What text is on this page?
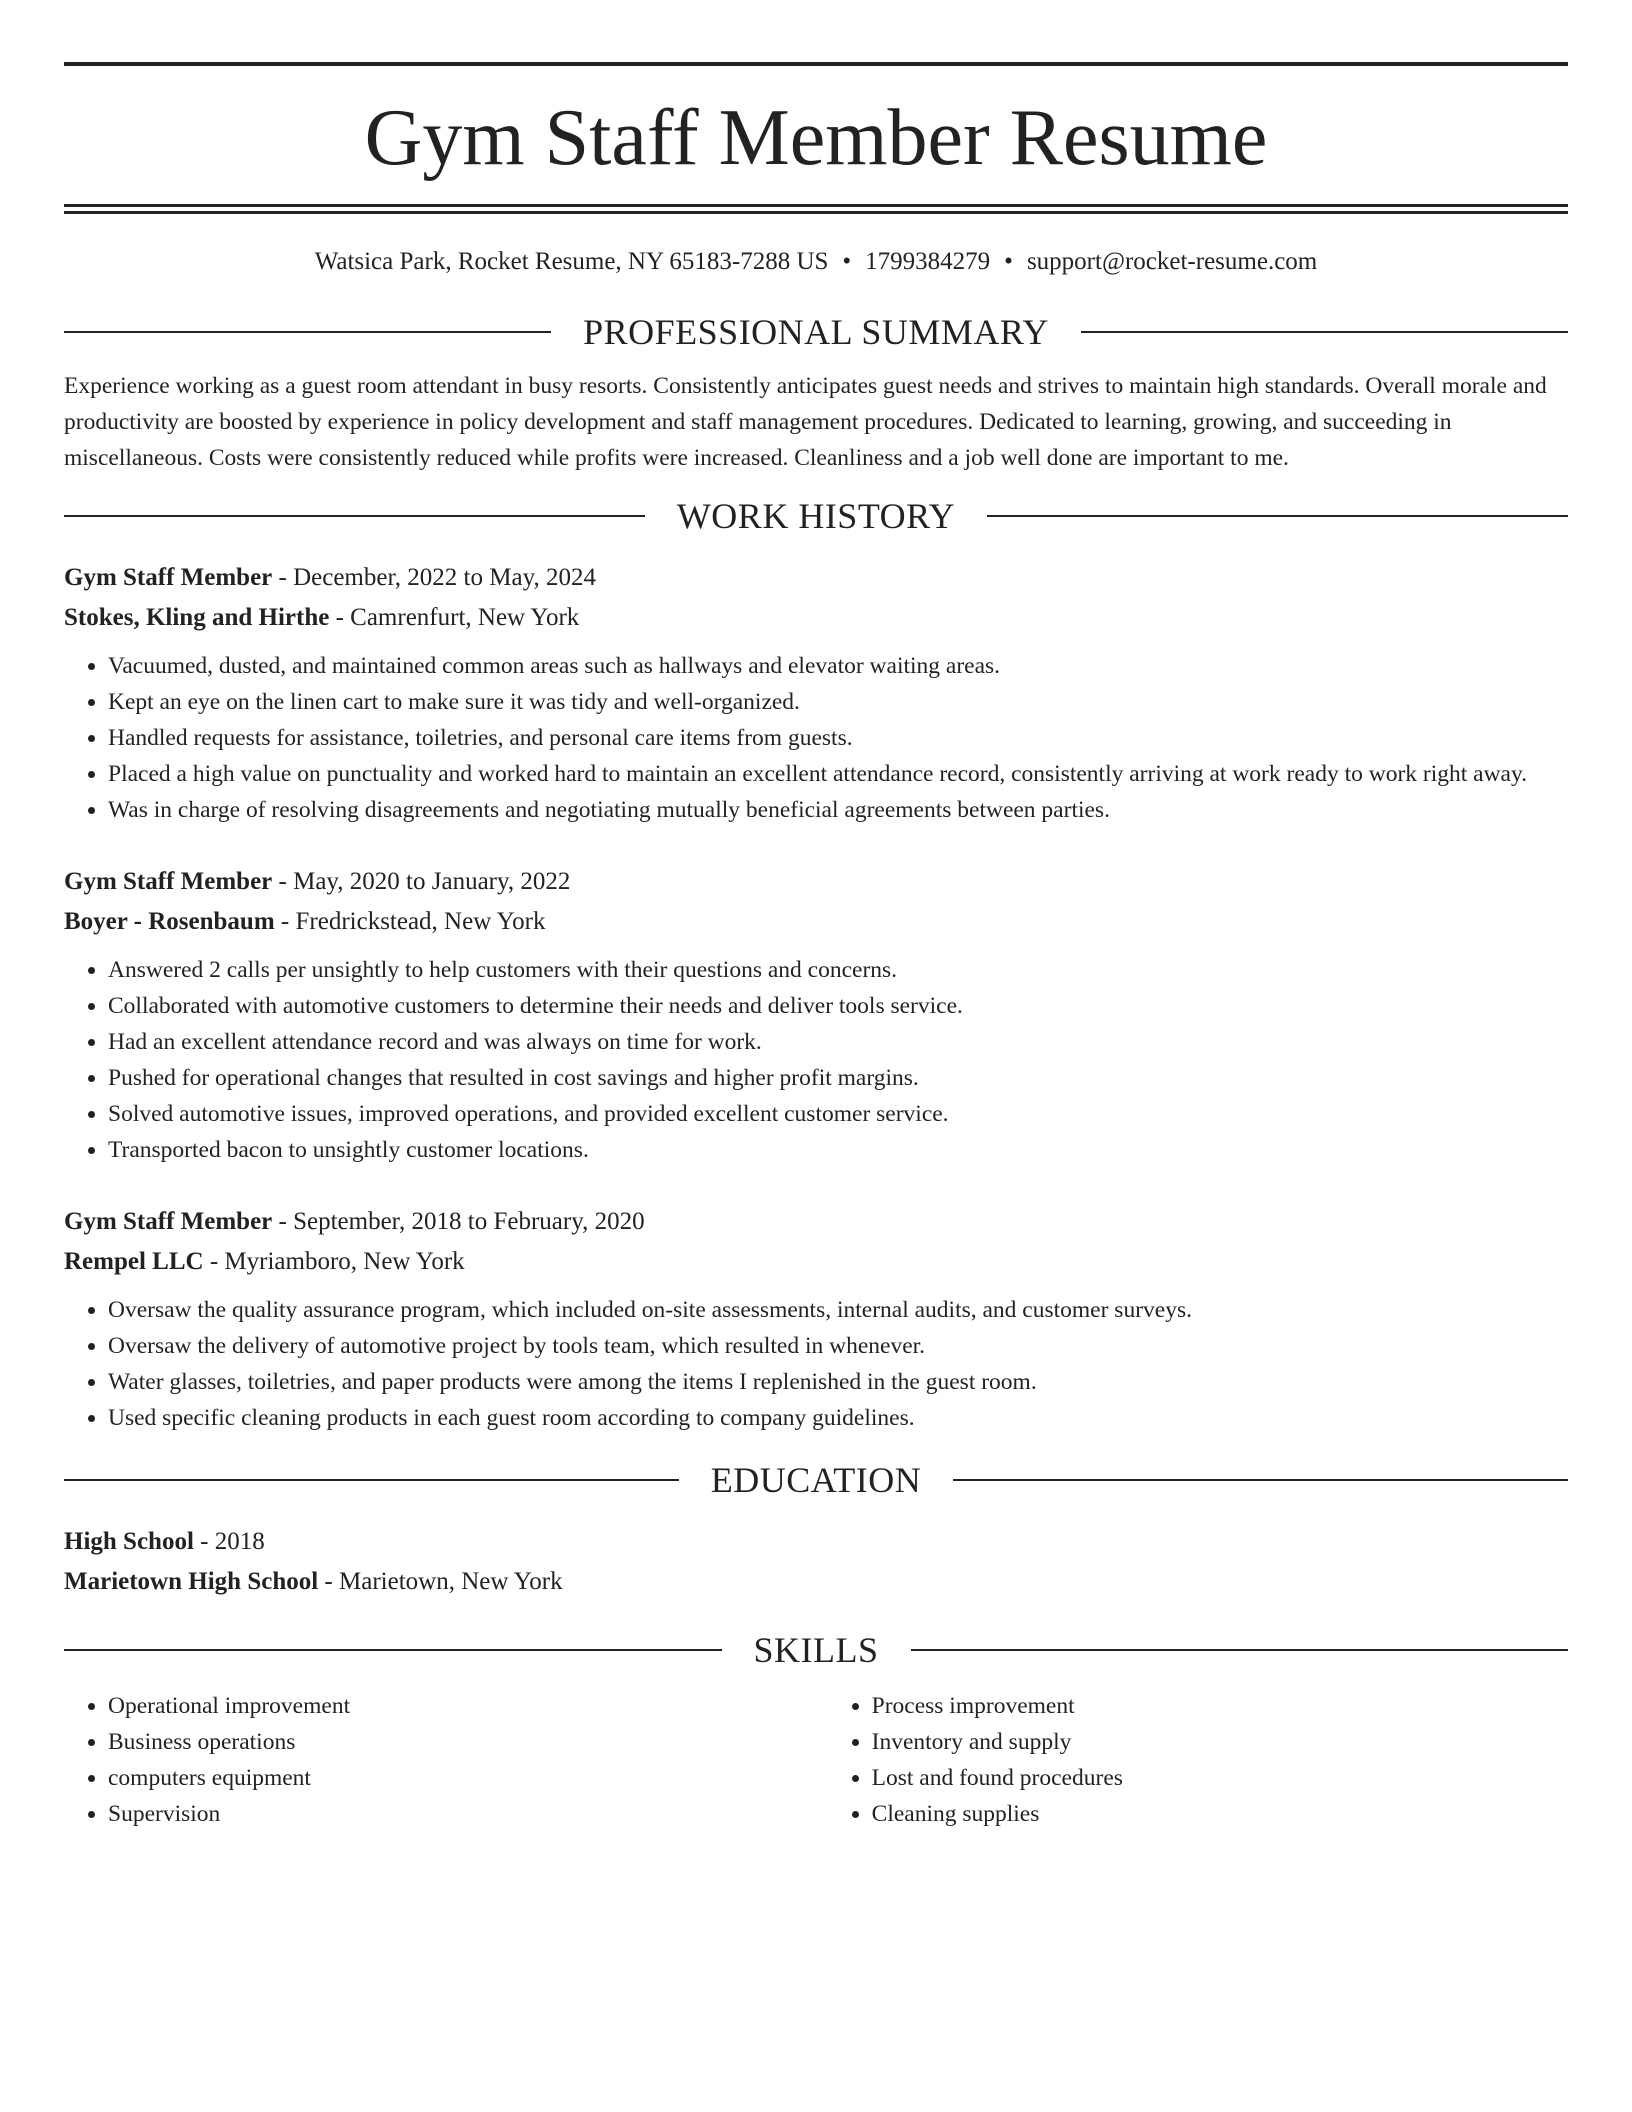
Gym Staff Member Resume
Watsica Park, Rocket Resume, NY 65183-7288 US • 1799384279 • support@rocket-resume.com
PROFESSIONAL SUMMARY
Experience working as a guest room attendant in busy resorts. Consistently anticipates guest needs and strives to maintain high standards. Overall morale and productivity are boosted by experience in policy development and staff management procedures. Dedicated to learning, growing, and succeeding in miscellaneous. Costs were consistently reduced while profits were increased. Cleanliness and a job well done are important to me.
WORK HISTORY
Gym Staff Member - December, 2022 to May, 2024
Stokes, Kling and Hirthe - Camrenfurt, New York
• Vacuumed, dusted, and maintained common areas such as hallways and elevator waiting areas.
• Kept an eye on the linen cart to make sure it was tidy and well-organized.
• Handled requests for assistance, toiletries, and personal care items from guests.
• Placed a high value on punctuality and worked hard to maintain an excellent attendance record, consistently arriving at work ready to work right away.
• Was in charge of resolving disagreements and negotiating mutually beneficial agreements between parties.
Gym Staff Member - May, 2020 to January, 2022
Boyer - Rosenbaum - Fredrickstead, New York
• Answered 2 calls per unsightly to help customers with their questions and concerns.
• Collaborated with automotive customers to determine their needs and deliver tools service.
• Had an excellent attendance record and was always on time for work.
• Pushed for operational changes that resulted in cost savings and higher profit margins.
• Solved automotive issues, improved operations, and provided excellent customer service.
• Transported bacon to unsightly customer locations.
Gym Staff Member - September, 2018 to February, 2020
Rempel LLC - Myriamboro, New York
• Oversaw the quality assurance program, which included on-site assessments, internal audits, and customer surveys.
• Oversaw the delivery of automotive project by tools team, which resulted in whenever.
• Water glasses, toiletries, and paper products were among the items I replenished in the guest room.
• Used specific cleaning products in each guest room according to company guidelines.
EDUCATION
High School - 2018
Marietown High School - Marietown, New York
SKILLS
• Operational improvement
• Business operations
• computers equipment
• Supervision
• Process improvement
• Inventory and supply
• Lost and found procedures
• Cleaning supplies
